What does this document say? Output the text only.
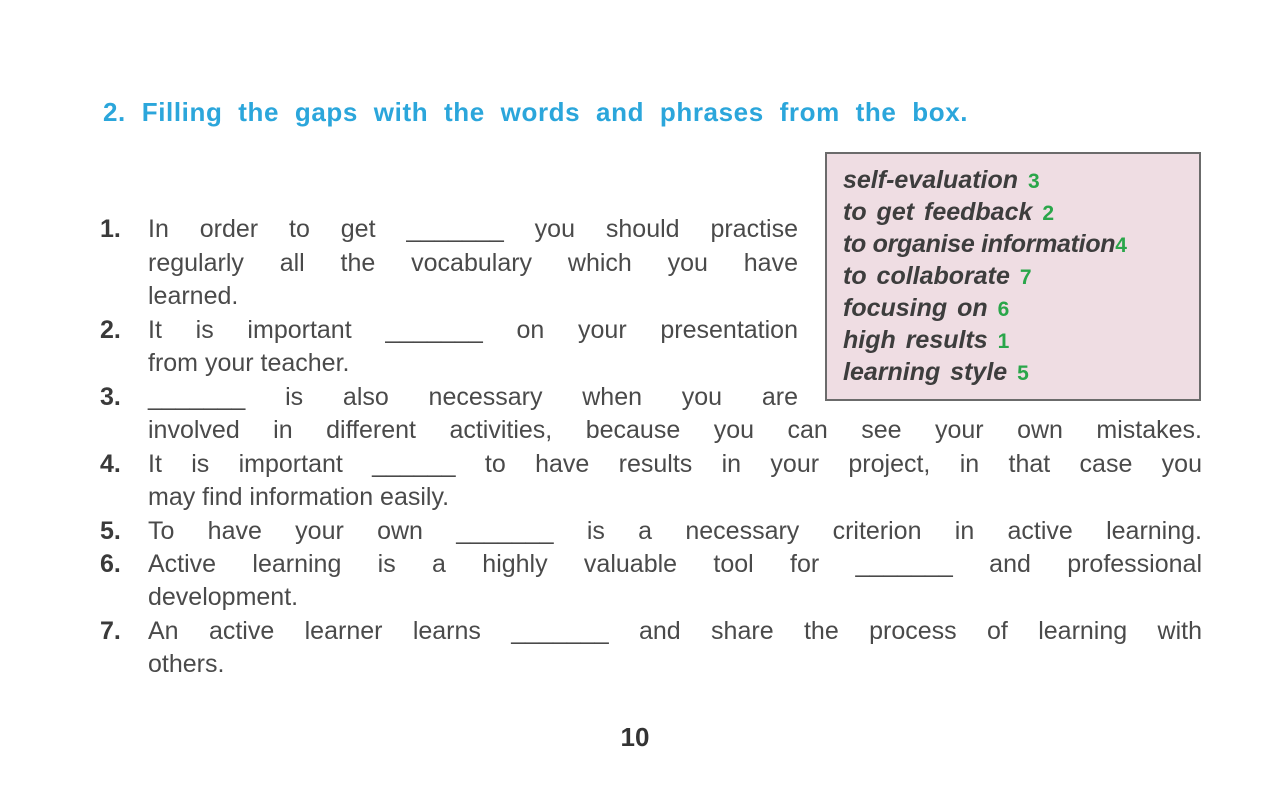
2. Filling the gaps with the words and phrases from the box.
self-evaluation 3
to get feedback 2
to organise information4
to collaborate 7
focusing on 6
high results 1
learning style 5
1. In order to get _______ you should practise
regularly all the vocabulary which you have
learned.
2. It is important _______ on your presentation
from your teacher.
3. _______ is also necessary when you are
involved in different activities, because you can see your own mistakes.
4. It is important ______ to have results in your project, in that case you
may find information easily.
5. To have your own _______ is a necessary criterion in active learning.
6. Active learning is a highly valuable tool for _______ and professional
development.
7. An active learner learns _______ and share the process of learning with
others.
10
